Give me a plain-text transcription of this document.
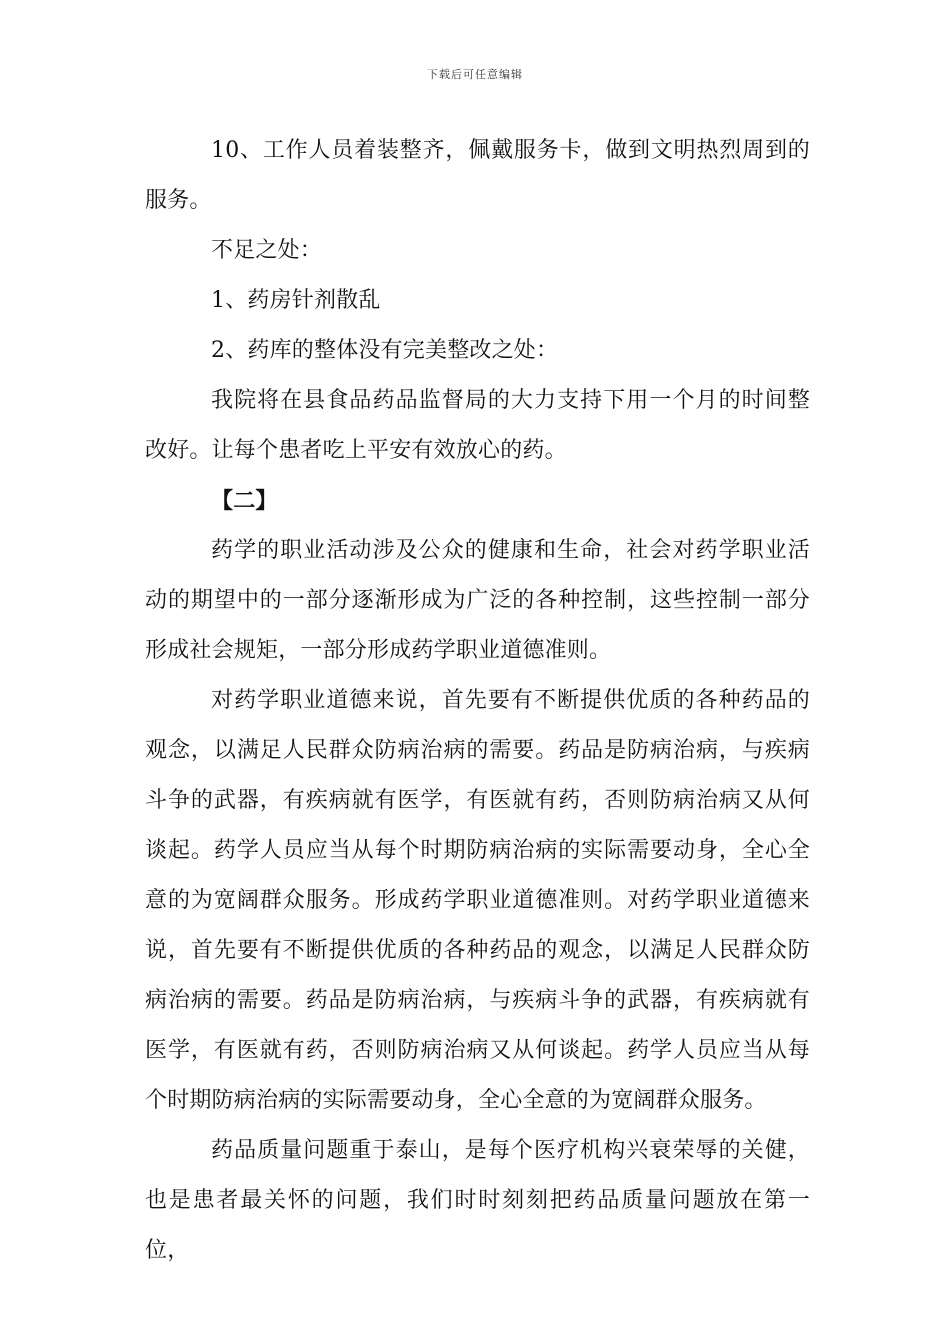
下载后可任意编辑

10、工作人员着装整齐，佩戴服务卡，做到文明热烈周到的服务。

不足之处：

1、药房针剂散乱

2、药库的整体没有完美整改之处：

我院将在县食品药品监督局的大力支持下用一个月的时间整改好。让每个患者吃上平安有效放心的药。

【二】

药学的职业活动涉及公众的健康和生命，社会对药学职业活动的期望中的一部分逐渐形成为广泛的各种控制，这些控制一部分形成社会规矩，一部分形成药学职业道德准则。

对药学职业道德来说，首先要有不断提供优质的各种药品的观念，以满足人民群众防病治病的需要。药品是防病治病，与疾病斗争的武器，有疾病就有医学，有医就有药，否则防病治病又从何谈起。药学人员应当从每个时期防病治病的实际需要动身，全心全意的为宽阔群众服务。形成药学职业道德准则。对药学职业道德来说，首先要有不断提供优质的各种药品的观念，以满足人民群众防病治病的需要。药品是防病治病，与疾病斗争的武器，有疾病就有医学，有医就有药，否则防病治病又从何谈起。药学人员应当从每个时期防病治病的实际需要动身，全心全意的为宽阔群众服务。

药品质量问题重于泰山，是每个医疗机构兴衰荣辱的关健，也是患者最关怀的问题，我们时时刻刻把药品质量问题放在第一位，
